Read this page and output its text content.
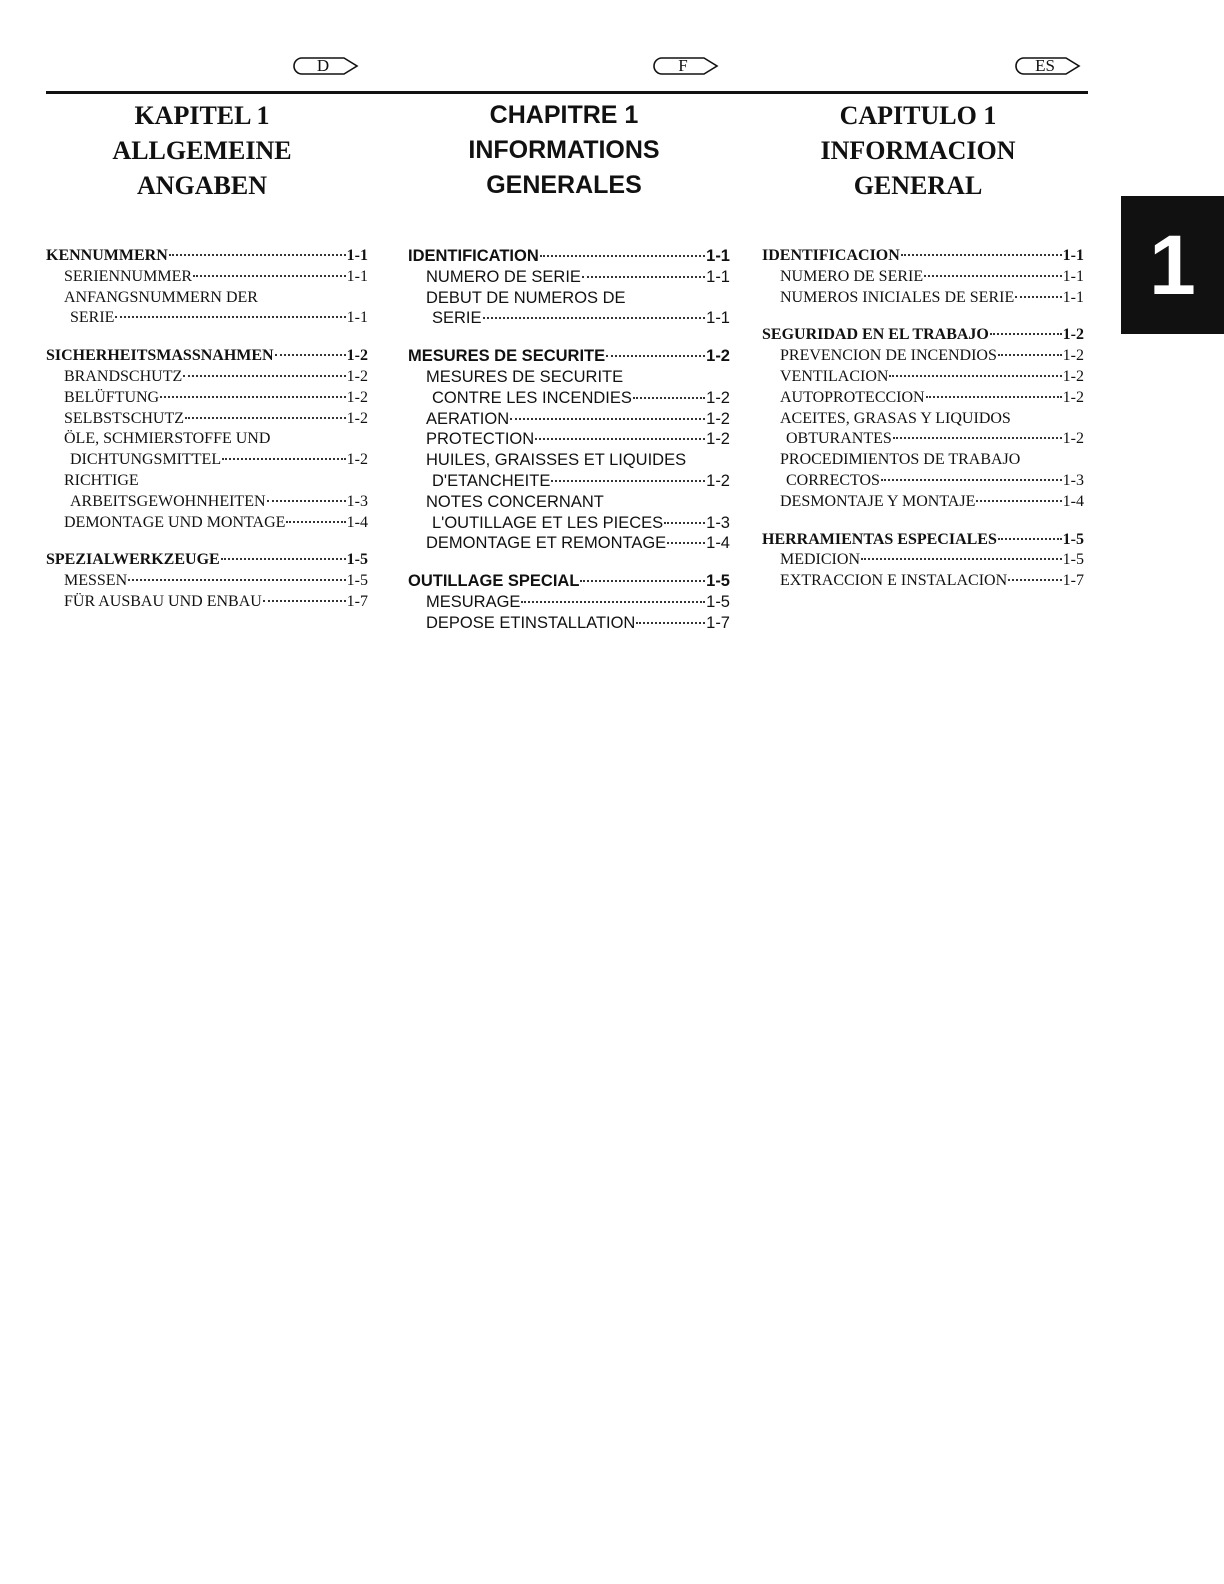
D	F	ES
KAPITEL 1
ALLGEMEINE
ANGABEN
KENNUMMERN	1-1
SERIENNUMMER	1-1
ANFANGSNUMMERN DER
SERIE	1-1
SICHERHEITSMASSNAHMEN	1-2
BRANDSCHUTZ	1-2
BELÜFTUNG	1-2
SELBSTSCHUTZ	1-2
ÖLE, SCHMIERSTOFFE UND
DICHTUNGSMITTEL	1-2
RICHTIGE
ARBEITSGEWOHNHEITEN	1-3
DEMONTAGE UND MONTAGE	1-4
SPEZIALWERKZEUGE	1-5
MESSEN	1-5
FÜR AUSBAU UND ENBAU	1-7
CHAPITRE 1
INFORMATIONS
GENERALES
IDENTIFICATION	1-1
NUMERO DE SERIE	1-1
DEBUT DE NUMEROS DE
SERIE	1-1
MESURES DE SECURITE	1-2
MESURES DE SECURITE
CONTRE LES INCENDIES	1-2
AERATION	1-2
PROTECTION	1-2
HUILES, GRAISSES ET LIQUIDES
D'ETANCHEITE	1-2
NOTES CONCERNANT
L'OUTILLAGE ET LES PIECES	1-3
DEMONTAGE ET REMONTAGE 1-4
OUTILLAGE SPECIAL	1-5
MESURAGE	1-5
DEPOSE ETINSTALLATION	1-7
CAPITULO 1
INFORMACION
GENERAL
IDENTIFICACION	1-1
NUMERO DE SERIE	1-1
NUMEROS INICIALES DE SERIE	1-1
SEGURIDAD EN EL TRABAJO	1-2
PREVENCION DE INCENDIOS	1-2
VENTILACION	1-2
AUTOPROTECCION	1-2
ACEITES, GRASAS Y LIQUIDOS
OBTURANTES	1-2
PROCEDIMIENTOS DE TRABAJO
CORRECTOS	1-3
DESMONTAJE Y MONTAJE	1-4
HERRAMIENTAS ESPECIALES	1-5
MEDICION	1-5
EXTRACCION E INSTALACION	1-7
1
